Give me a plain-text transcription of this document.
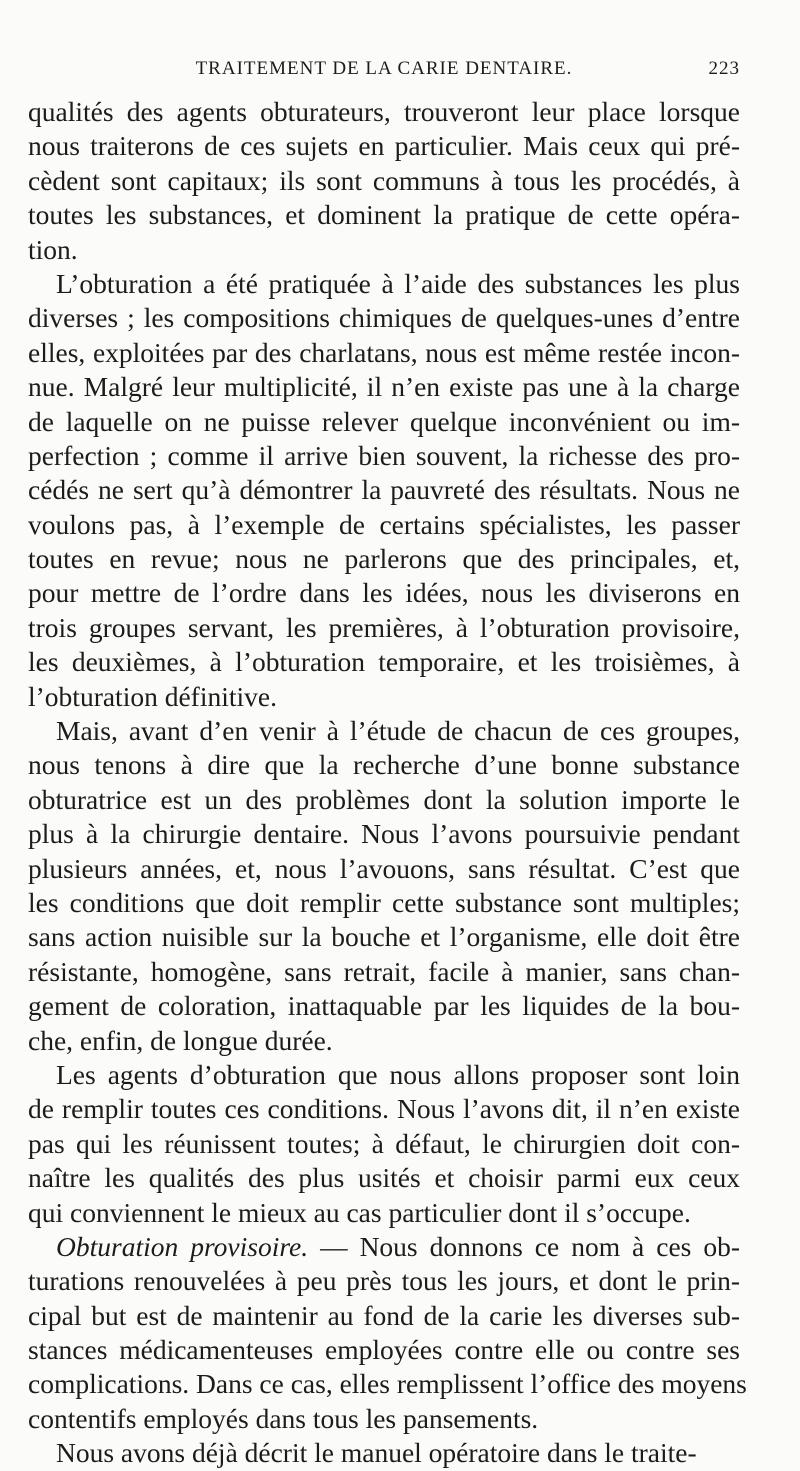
TRAITEMENT DE LA CARIE DENTAIRE.	223
qualités des agents obturateurs, trouveront leur place lorsque
nous traiterons de ces sujets en particulier. Mais ceux qui pré-
cèdent sont capitaux; ils sont communs à tous les procédés, à
toutes les substances, et dominent la pratique de cette opéra-
tion.
L’obturation a été pratiquée à l’aide des substances les plus
diverses ; les compositions chimiques de quelques-unes d’entre
elles, exploitées par des charlatans, nous est même restée incon-
nue. Malgré leur multiplicité, il n’en existe pas une à la charge
de laquelle on ne puisse relever quelque inconvénient ou im-
perfection ; comme il arrive bien souvent, la richesse des pro-
cédés ne sert qu’à démontrer la pauvreté des résultats. Nous ne
voulons pas, à l’exemple de certains spécialistes, les passer
toutes en revue; nous ne parlerons que des principales, et,
pour mettre de l’ordre dans les idées, nous les diviserons en
trois groupes servant, les premières, à l’obturation provisoire,
les deuxièmes, à l’obturation temporaire, et les troisièmes, à
l’obturation définitive.
Mais, avant d’en venir à l’étude de chacun de ces groupes,
nous tenons à dire que la recherche d’une bonne substance
obturatrice est un des problèmes dont la solution importe le
plus à la chirurgie dentaire. Nous l’avons poursuivie pendant
plusieurs années, et, nous l’avouons, sans résultat. C’est que
les conditions que doit remplir cette substance sont multiples;
sans action nuisible sur la bouche et l’organisme, elle doit être
résistante, homogène, sans retrait, facile à manier, sans chan-
gement de coloration, inattaquable par les liquides de la bou-
che, enfin, de longue durée.
Les agents d’obturation que nous allons proposer sont loin
de remplir toutes ces conditions. Nous l’avons dit, il n’en existe
pas qui les réunissent toutes; à défaut, le chirurgien doit con-
naître les qualités des plus usités et choisir parmi eux ceux
qui conviennent le mieux au cas particulier dont il s’occupe.
Obturation provisoire. — Nous donnons ce nom à ces ob-
turations renouvelées à peu près tous les jours, et dont le prin-
cipal but est de maintenir au fond de la carie les diverses sub-
stances médicamenteuses employées contre elle ou contre ses
complications. Dans ce cas, elles remplissent l’office des moyens
contentifs employés dans tous les pansements.
Nous avons déjà décrit le manuel opératoire dans le traite-
